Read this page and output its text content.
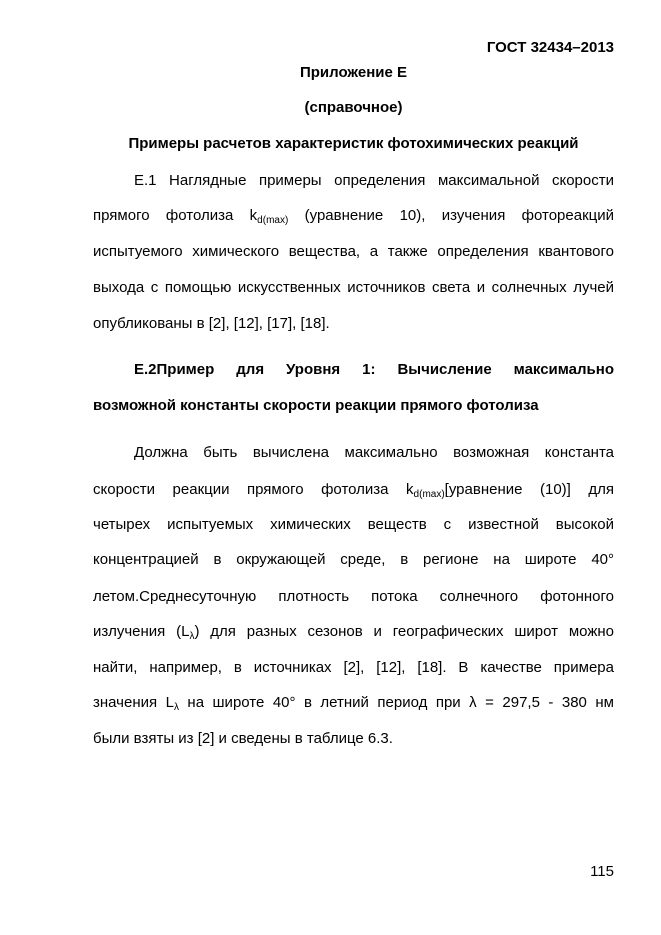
ГОСТ 32434–2013
Приложение Е
(справочное)
Примеры расчетов характеристик фотохимических реакций
Е.1 Наглядные примеры определения максимальной скорости
прямого фотолиза $k_{d(max)}$ (уравнение 10), изучения фотореакций
испытуемого химического вещества, а также определения квантового
выхода с помощью искусственных источников света и солнечных лучей
опубликованы в [2], [12], [17], [18].
Е.2Пример для Уровня 1: Вычисление максимально
возможной константы скорости реакции прямого фотолиза
Должна быть вычислена максимально возможная константа
скорости реакции прямого фотолиза $k_{d(max)}[уравнение$ (10)] для
четырех испытуемых химических веществ с известной высокой
концентрацией в окружающей среде, в регионе на широте 40°
летом.Среднесуточную плотность потока солнечного фотонного
излучения $(L_\lambda)$ для разных сезонов и географических широт можно
найти, например, в источниках [2], [12], [18]. В качестве примера
значения $L_\lambda$ на широте 40° в летний период при λ = 297,5 - 380 нм
были взяты из [2] и сведены в таблице 6.3.
115
